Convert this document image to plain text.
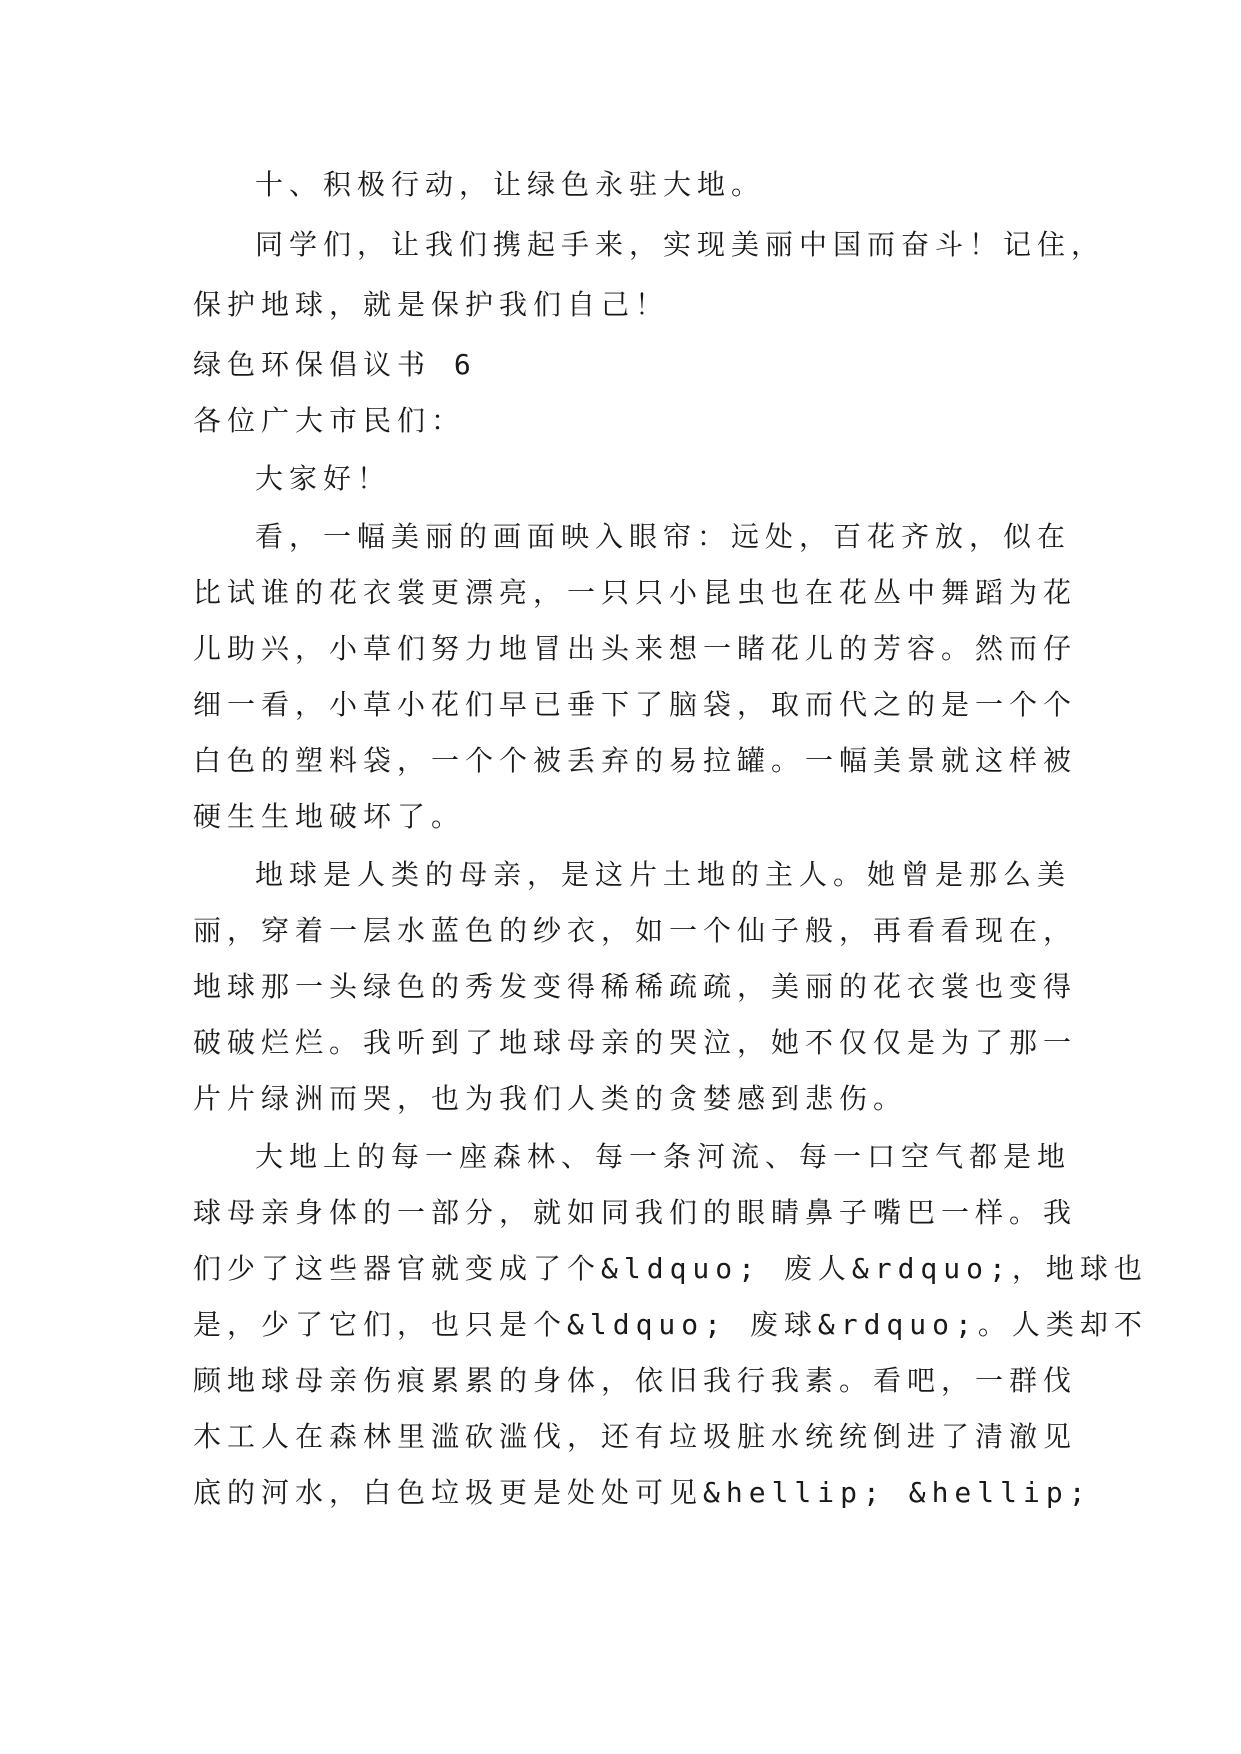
十、积极行动，让绿色永驻大地。
同学们，让我们携起手来，实现美丽中国而奋斗！记住，
保护地球，就是保护我们自己！
绿色环保倡议书 6
各位广大市民们：
大家好！
看，一幅美丽的画面映入眼帘：远处，百花齐放，似在
比试谁的花衣裳更漂亮，一只只小昆虫也在花丛中舞蹈为花
儿助兴，小草们努力地冒出头来想一睹花儿的芳容。然而仔
细一看，小草小花们早已垂下了脑袋，取而代之的是一个个
白色的塑料袋，一个个被丢弃的易拉罐。一幅美景就这样被
硬生生地破坏了。
地球是人类的母亲，是这片土地的主人。她曾是那么美
丽，穿着一层水蓝色的纱衣，如一个仙子般，再看看现在，
地球那一头绿色的秀发变得稀稀疏疏，美丽的花衣裳也变得
破破烂烂。我听到了地球母亲的哭泣，她不仅仅是为了那一
片片绿洲而哭，也为我们人类的贪婪感到悲伤。
大地上的每一座森林、每一条河流、每一口空气都是地
球母亲身体的一部分，就如同我们的眼睛鼻子嘴巴一样。我
们少了这些器官就变成了个&ldquo; 废人&rdquo;，地球也
是，少了它们，也只是个&ldquo; 废球&rdquo;。人类却不
顾地球母亲伤痕累累的身体，依旧我行我素。看吧，一群伐
木工人在森林里滥砍滥伐，还有垃圾脏水统统倒进了清澈见
底的河水，白色垃圾更是处处可见&hellip; &hellip;
